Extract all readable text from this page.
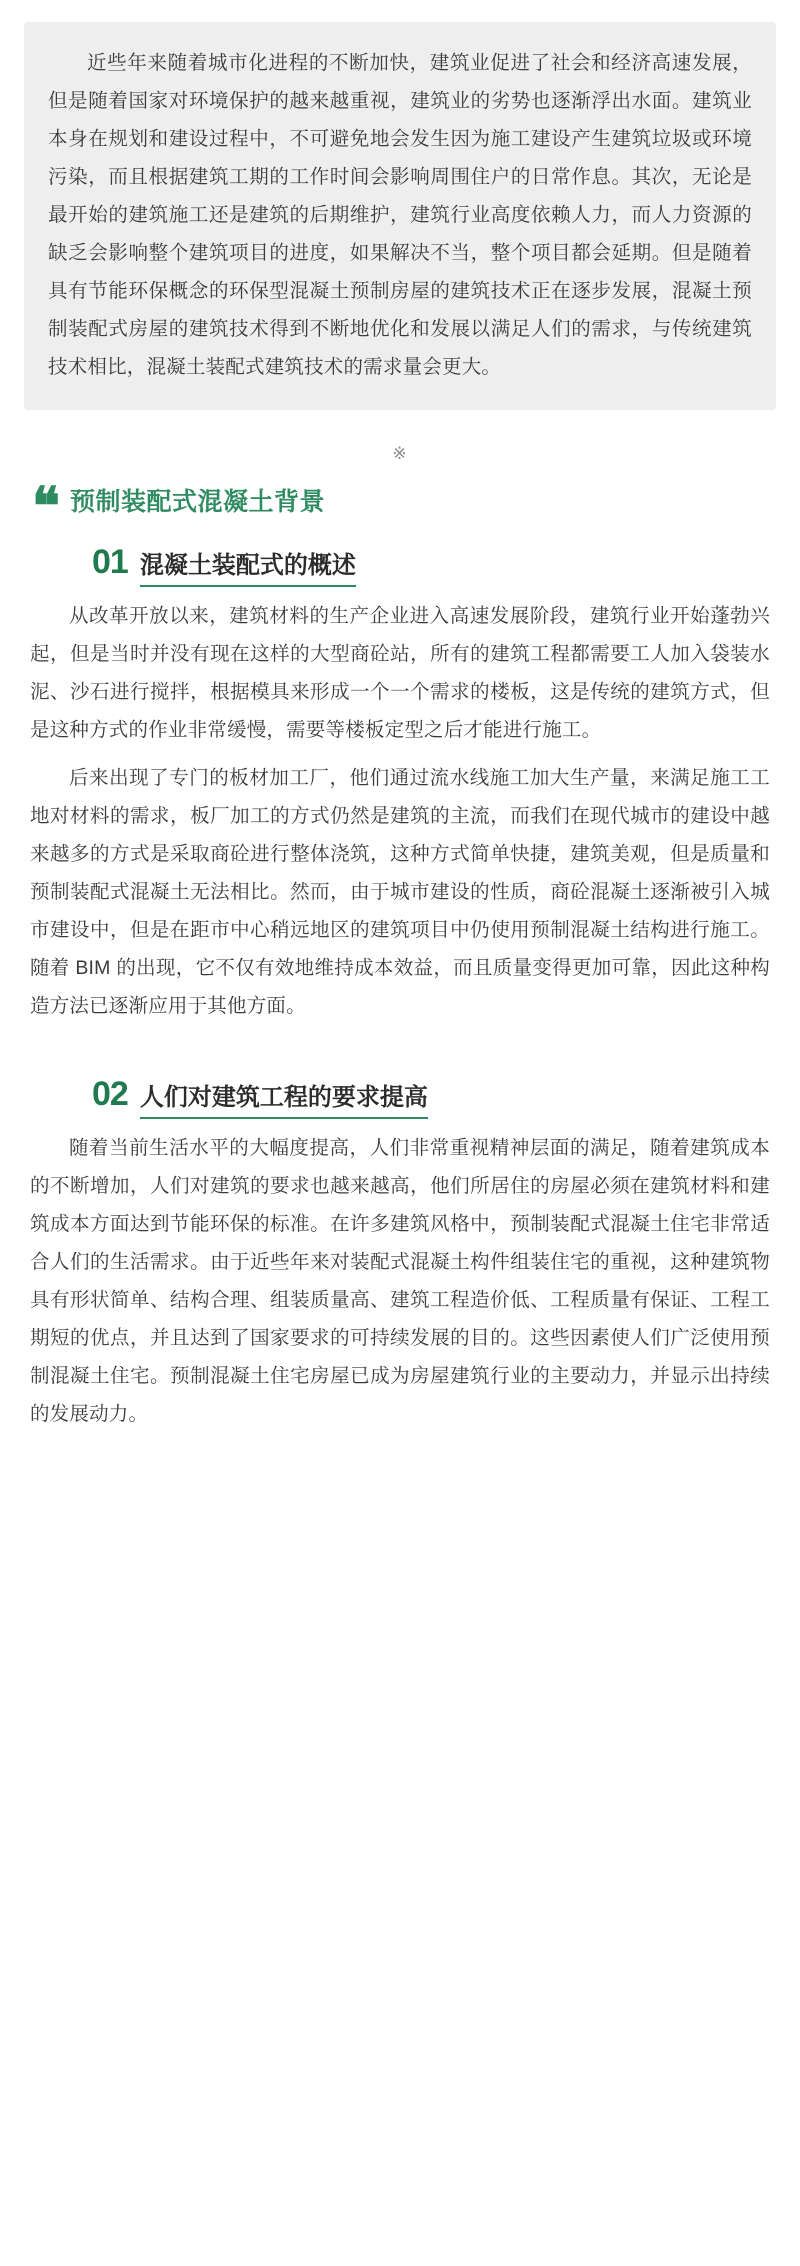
近些年来随着城市化进程的不断加快，建筑业促进了社会和经济高速发展，但是随着国家对环境保护的越来越重视，建筑业的劣势也逐渐浮出水面。建筑业本身在规划和建设过程中，不可避免地会发生因为施工建设产生建筑垃圾或环境污染，而且根据建筑工期的工作时间会影响周围住户的日常作息。其次，无论是最开始的建筑施工还是建筑的后期维护，建筑行业高度依赖人力，而人力资源的缺乏会影响整个建筑项目的进度，如果解决不当，整个项目都会延期。但是随着具有节能环保概念的环保型混凝土预制房屋的建筑技术正在逐步发展，混凝土预制装配式房屋的建筑技术得到不断地优化和发展以满足人们的需求，与传统建筑技术相比，混凝土装配式建筑技术的需求量会更大。

※
❝ 预制装配式混凝土背景
01 混凝土装配式的概述

从改革开放以来，建筑材料的生产企业进入高速发展阶段，建筑行业开始蓬勃兴起，但是当时并没有现在这样的大型商砼站，所有的建筑工程都需要工人加入袋装水泥、沙石进行搅拌，根据模具来形成一个一个需求的楼板，这是传统的建筑方式，但是这种方式的作业非常缓慢，需要等楼板定型之后才能进行施工。

后来出现了专门的板材加工厂，他们通过流水线施工加大生产量，来满足施工工地对材料的需求，板厂加工的方式仍然是建筑的主流，而我们在现代城市的建设中越来越多的方式是采取商砼进行整体浇筑，这种方式简单快捷，建筑美观，但是质量和预制装配式混凝土无法相比。然而，由于城市建设的性质，商砼混凝土逐渐被引入城市建设中，但是在距市中心稍远地区的建筑项目中仍使用预制混凝土结构进行施工。随着 BIM 的出现，它不仅有效地维持成本效益，而且质量变得更加可靠，因此这种构造方法已逐渐应用于其他方面。

02 人们对建筑工程的要求提高

随着当前生活水平的大幅度提高，人们非常重视精神层面的满足，随着建筑成本的不断增加，人们对建筑的要求也越来越高，他们所居住的房屋必须在建筑材料和建筑成本方面达到节能环保的标准。在许多建筑风格中，预制装配式混凝土住宅非常适合人们的生活需求。由于近些年来对装配式混凝土构件组装住宅的重视，这种建筑物具有形状简单、结构合理、组装质量高、建筑工程造价低、工程质量有保证、工程工期短的优点，并且达到了国家要求的可持续发展的目的。这些因素使人们广泛使用预制混凝土住宅。预制混凝土住宅房屋已成为房屋建筑行业的主要动力，并显示出持续的发展动力。
